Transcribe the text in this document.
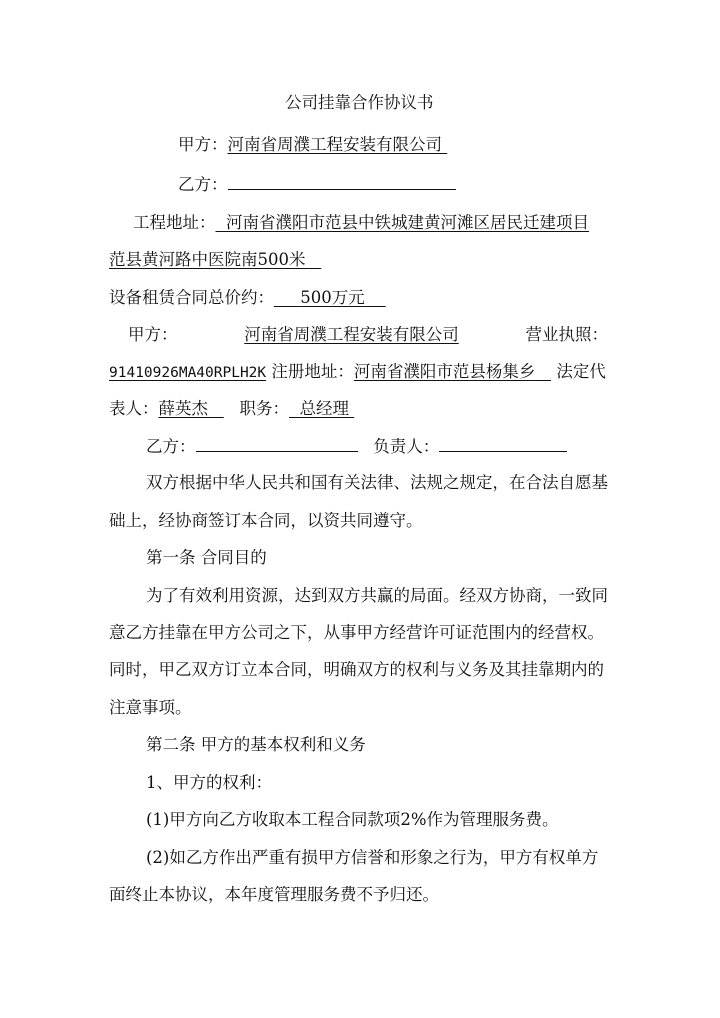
公司挂靠合作协议书
甲方：河南省周濮工程安装有限公司
乙方：
工程地址： 河南省濮阳市范县中铁城建黄河滩区居民迁建项目
范县黄河路中医院南500米
设备租赁合同总价约： 500万元
甲方：	河南省周濮工程安装有限公司	营业执照：
91410926MA40RPLH2K 注册地址：河南省濮阳市范县杨集乡 法定代
表人：薛英杰 职务： 总经理
乙方：	负责人：
双方根据中华人民共和国有关法律、法规之规定，在合法自愿基
础上，经协商签订本合同，以资共同遵守。
第一条 合同目的
为了有效利用资源，达到双方共赢的局面。经双方协商，一致同
意乙方挂靠在甲方公司之下，从事甲方经营许可证范围内的经营权。
同时，甲乙双方订立本合同，明确双方的权利与义务及其挂靠期内的
注意事项。
第二条 甲方的基本权利和义务
1、甲方的权利：
(1)甲方向乙方收取本工程合同款项2%作为管理服务费。
(2)如乙方作出严重有损甲方信誉和形象之行为，甲方有权单方
面终止本协议，本年度管理服务费不予归还。
